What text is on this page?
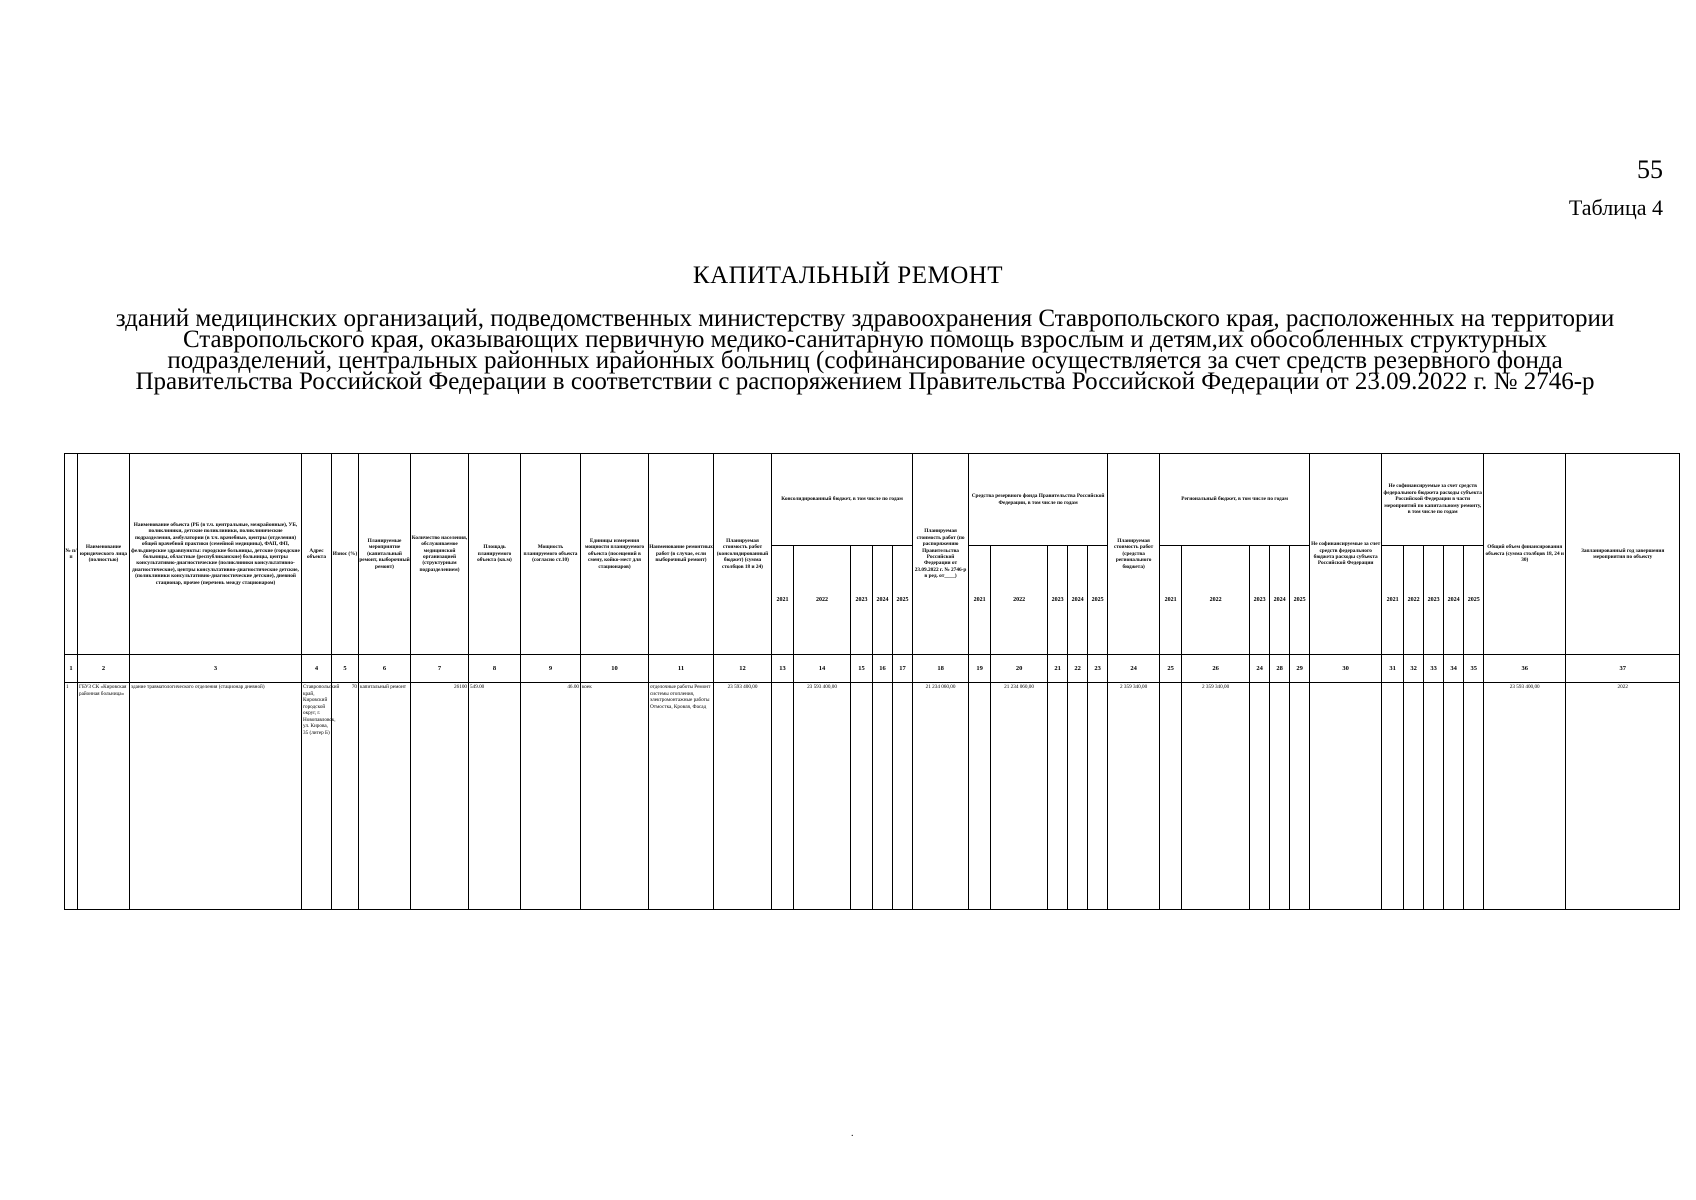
55
Таблица 4
КАПИТАЛЬНЫЙ РЕМОНТ
зданий медицинских организаций, подведомственных министерству здравоохранения Ставропольского края, расположенных на территории Ставропольского края, оказывающих первичную медико-санитарную помощь взрослым и детям,их обособленных структурных подразделений, центральных районных ирайонных больниц (софинансирование осуществляется за счет средств резервного фонда Правительства Российской Федерации в соответствии с распоряжением Правительства Российской Федерации от 23.09.2022 г. № 2746-р
№ п/п	Наименование юридического лица (полностью)	Наименование объекта (РБ (в т.ч. центральные, межрайонные), УБ, поликлиники, детские поликлиники, поликлинические подразделения, амбулатории (в т.ч. врачебные, центры (отделения) общей врачебной практики (семейной медицины), ФАП, ФП, фельдшерские здравпункты: городские больницы, детские (городские больницы, областные (республиканские) больницы, центры консультативно-диагностические (поликлиники консультативно-диагностические), центры консультативно-диагностические детские, (поликлиники консультативно-диагностические детские), дневной стационар, прочее (перечень между стационаром)	Адрес объекта	Износ (%)	Планируемые мероприятие (капитальный ремонт, выборочный ремонт)	Количество населения, обслуживаемое медицинской организацией (структурным подразделением)	Площадь планируемого объекта (кв.м)	Мощность планируемого объекта (согласно ст.10)	Единицы измерения мощности планируемого объекта (посещений в смену, койко-мест для стационаров)	Наименование ремонтных работ (в случае, если выборочный ремонт)	Планируемая стоимость работ (консолидированный бюджет) (сумма столбцов 18 и 24)	Консолидированный бюджет, в том числе по годам					Планируемая стоимость работ (по распоряжению Правительства Российской Федерации от 23.09.2022 г. № 2746-р в ред. от____)	Средства резервного фонда Правительства Российской Федерации, в том числе по годам					Планируемая стоимость работ (средства регионального бюджета)	Региональный бюджет, в том числе по годам					Не софинансируемые за счет средств федерального бюджета расходы субъекта Российской Федерации	Не софинансируемые за счет средств федерального бюджета расходы субъекта Российской Федерации в части мероприятий по капитальному ремонту, в том числе по годам					Общий объем финансирования объекта (сумма столбцов 18, 24 и 30)	Запланированный год завершения мероприятия по объекту
												2021	2022	2023	2024	2025		2021	2022	2023	2024	2025		2021	2022	2023	2024	2025		2021	2022	2023	2024	2025		
1	2	3	4	5	6	7	8	9	10	11	12	13	14	15	16	17	18	19	20	21	22	23	24	25	26	24	28	29	30	31	32	33	34	35	36	37
1	ГБУЗ СК «Кировская районная больница»	здание травматологического отделения (стационар дневной)	Ставропольский край, Кировский городской округ, г. Новопавловск, ул. Кирова, 35 (литер Б)	70	капитальный ремонт	26100	549.00	46.00	коек	отделочные работы Ремонт системы отопления, электромонтажные работы Отмостка, Кровля, Фасад	23 593 400,00		23 593 400,00				21 234 060,00		21 234 060,00				2 359 340,00		2 359 340,00										23 593 400,00	2022
.
